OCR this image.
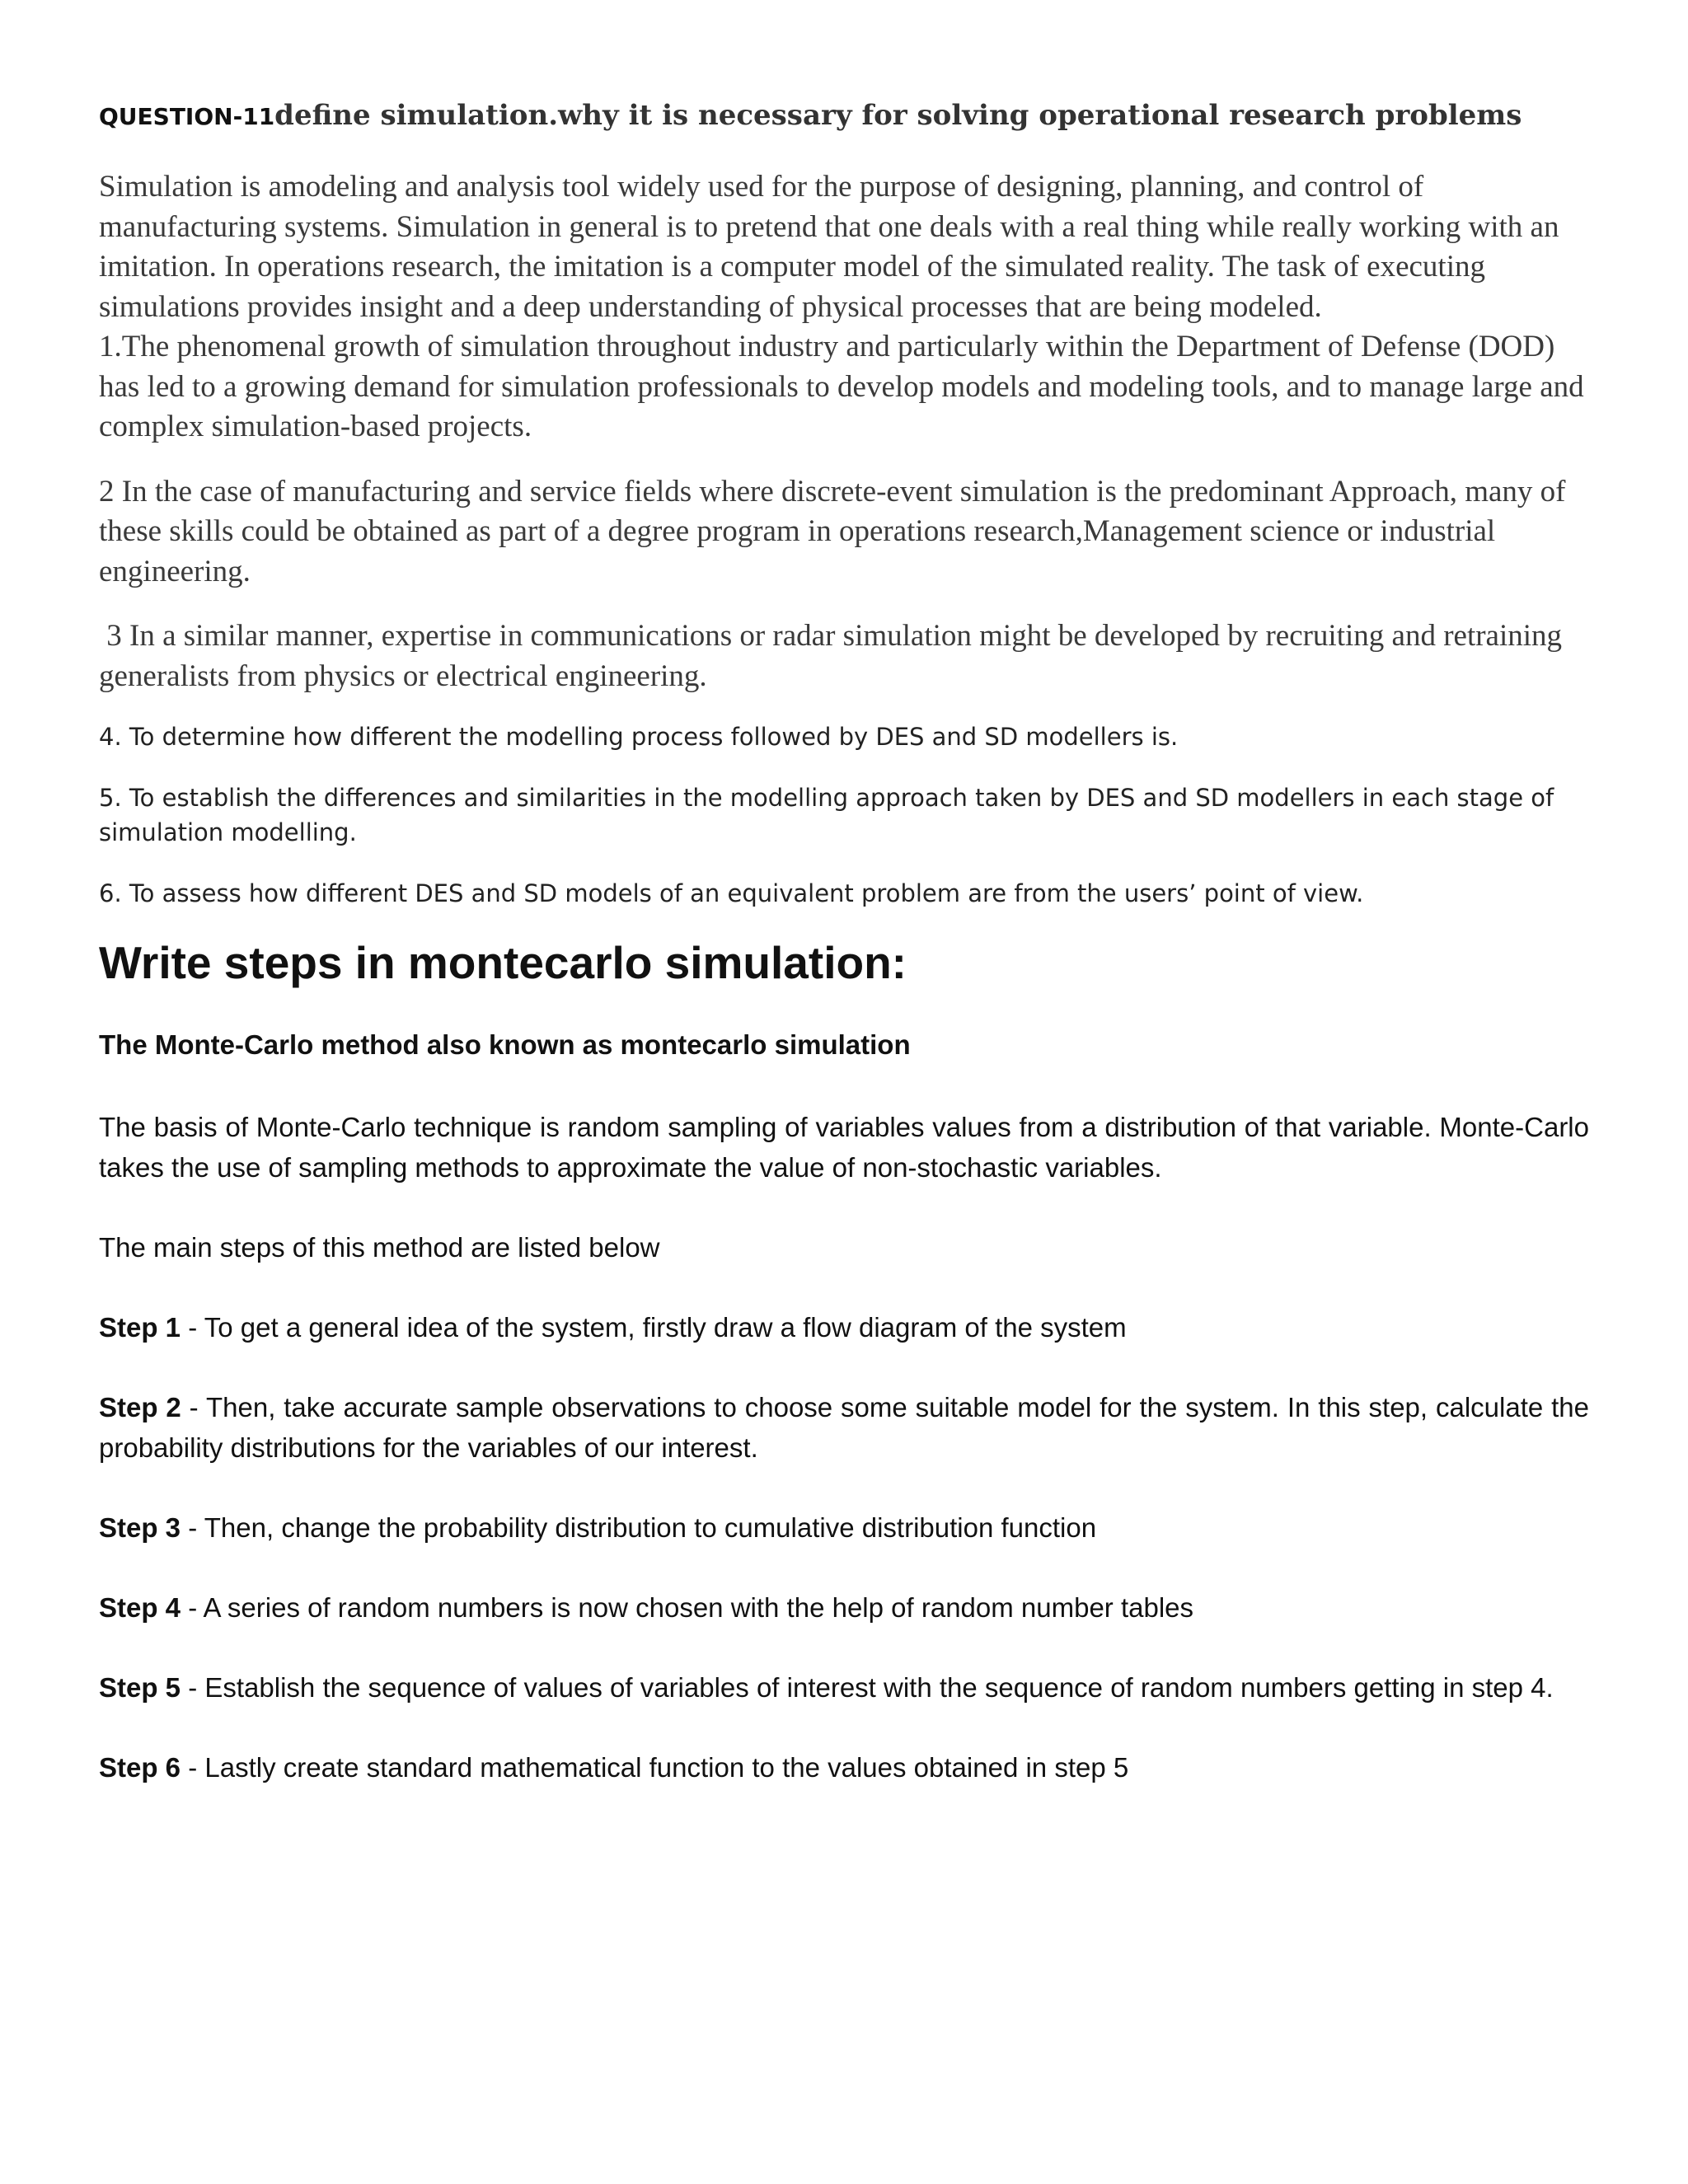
QUESTION-11define simulation.why it is necessary for solving operational research problems

Simulation is amodeling and analysis tool widely used for the purpose of designing, planning, and control of manufacturing systems. Simulation in general is to pretend that one deals with a real thing while really working with an imitation. In operations research, the imitation is a computer model of the simulated reality. The task of executing simulations provides insight and a deep understanding of physical processes that are being modeled.

1.The phenomenal growth of simulation throughout industry and particularly within the Department of Defense (DOD) has led to a growing demand for simulation professionals to develop models and modeling tools, and to manage large and complex simulation-based projects.

2 In the case of manufacturing and service fields where discrete-event simulation is the predominant Approach, many of these skills could be obtained as part of a degree program in operations research,Management science or industrial engineering.

3 In a similar manner, expertise in communications or radar simulation might be developed by recruiting and retraining generalists from physics or electrical engineering.

4. To determine how different the modelling process followed by DES and SD modellers is.

5. To establish the differences and similarities in the modelling approach taken by DES and SD modellers in each stage of simulation modelling.

6. To assess how different DES and SD models of an equivalent problem are from the users’ point of view.

Write steps in montecarlo simulation:

The Monte-Carlo method also known as montecarlo simulation

The basis of Monte-Carlo technique is random sampling of variables values from a distribution of that variable. Monte-Carlo takes the use of sampling methods to approximate the value of non-stochastic variables.

The main steps of this method are listed below

Step 1 - To get a general idea of the system, firstly draw a flow diagram of the system

Step 2 - Then, take accurate sample observations to choose some suitable model for the system. In this step, calculate the probability distributions for the variables of our interest.

Step 3 - Then, change the probability distribution to cumulative distribution function

Step 4 - A series of random numbers is now chosen with the help of random number tables

Step 5 - Establish the sequence of values of variables of interest with the sequence of random numbers getting in step 4.

Step 6 - Lastly create standard mathematical function to the values obtained in step 5
